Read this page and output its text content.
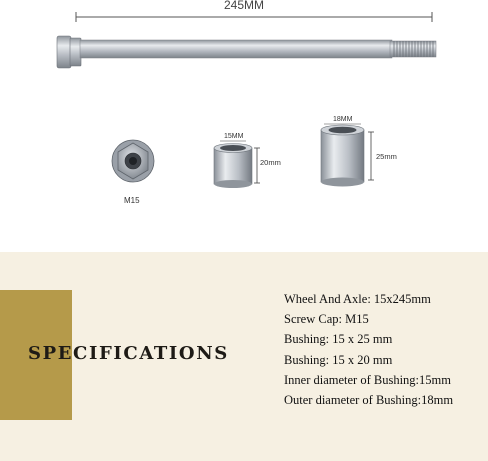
245MM
M15
15MM
20mm
18MM
25mm
SPECIFICATIONS
Wheel And Axle: 15x245mm
Screw Cap: M15
Bushing: 15 x 25 mm
Bushing: 15 x 20 mm
Inner diameter of Bushing:15mm
Outer diameter of Bushing:18mm
